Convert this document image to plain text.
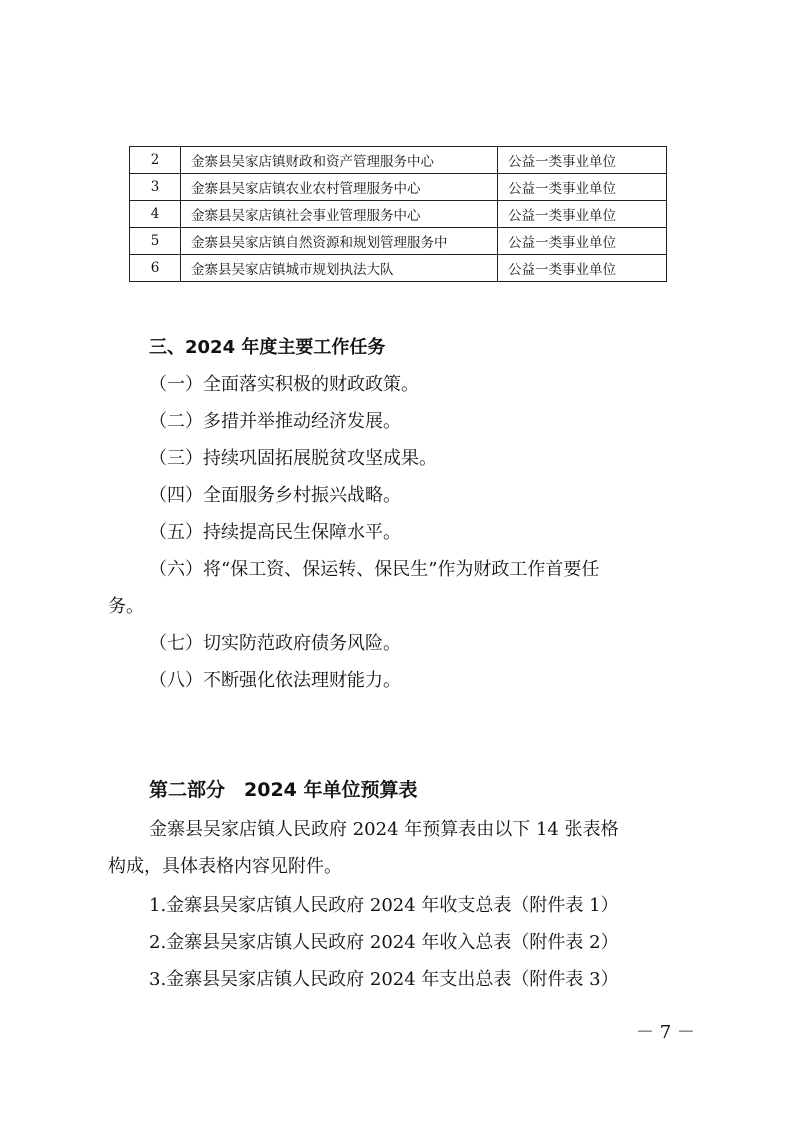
2	金寨县吴家店镇财政和资产管理服务中心	公益一类事业单位
3	金寨县吴家店镇农业农村管理服务中心	公益一类事业单位
4	金寨县吴家店镇社会事业管理服务中心	公益一类事业单位
5	金寨县吴家店镇自然资源和规划管理服务中	公益一类事业单位
6	金寨县吴家店镇城市规划执法大队	公益一类事业单位
三、2024 年度主要工作任务
（一）全面落实积极的财政政策。
（二）多措并举推动经济发展。
（三）持续巩固拓展脱贫攻坚成果。
（四）全面服务乡村振兴战略。
（五）持续提高民生保障水平。
（六）将“保工资、保运转、保民生”作为财政工作首要任
务。
（七）切实防范政府债务风险。
（八）不断强化依法理财能力。
第二部分　2024 年单位预算表
金寨县吴家店镇人民政府 2024 年预算表由以下 14 张表格
构成，具体表格内容见附件。
1.金寨县吴家店镇人民政府 2024 年收支总表（附件表 1）
2.金寨县吴家店镇人民政府 2024 年收入总表（附件表 2）
3.金寨县吴家店镇人民政府 2024 年支出总表（附件表 3）
－ 7 －
